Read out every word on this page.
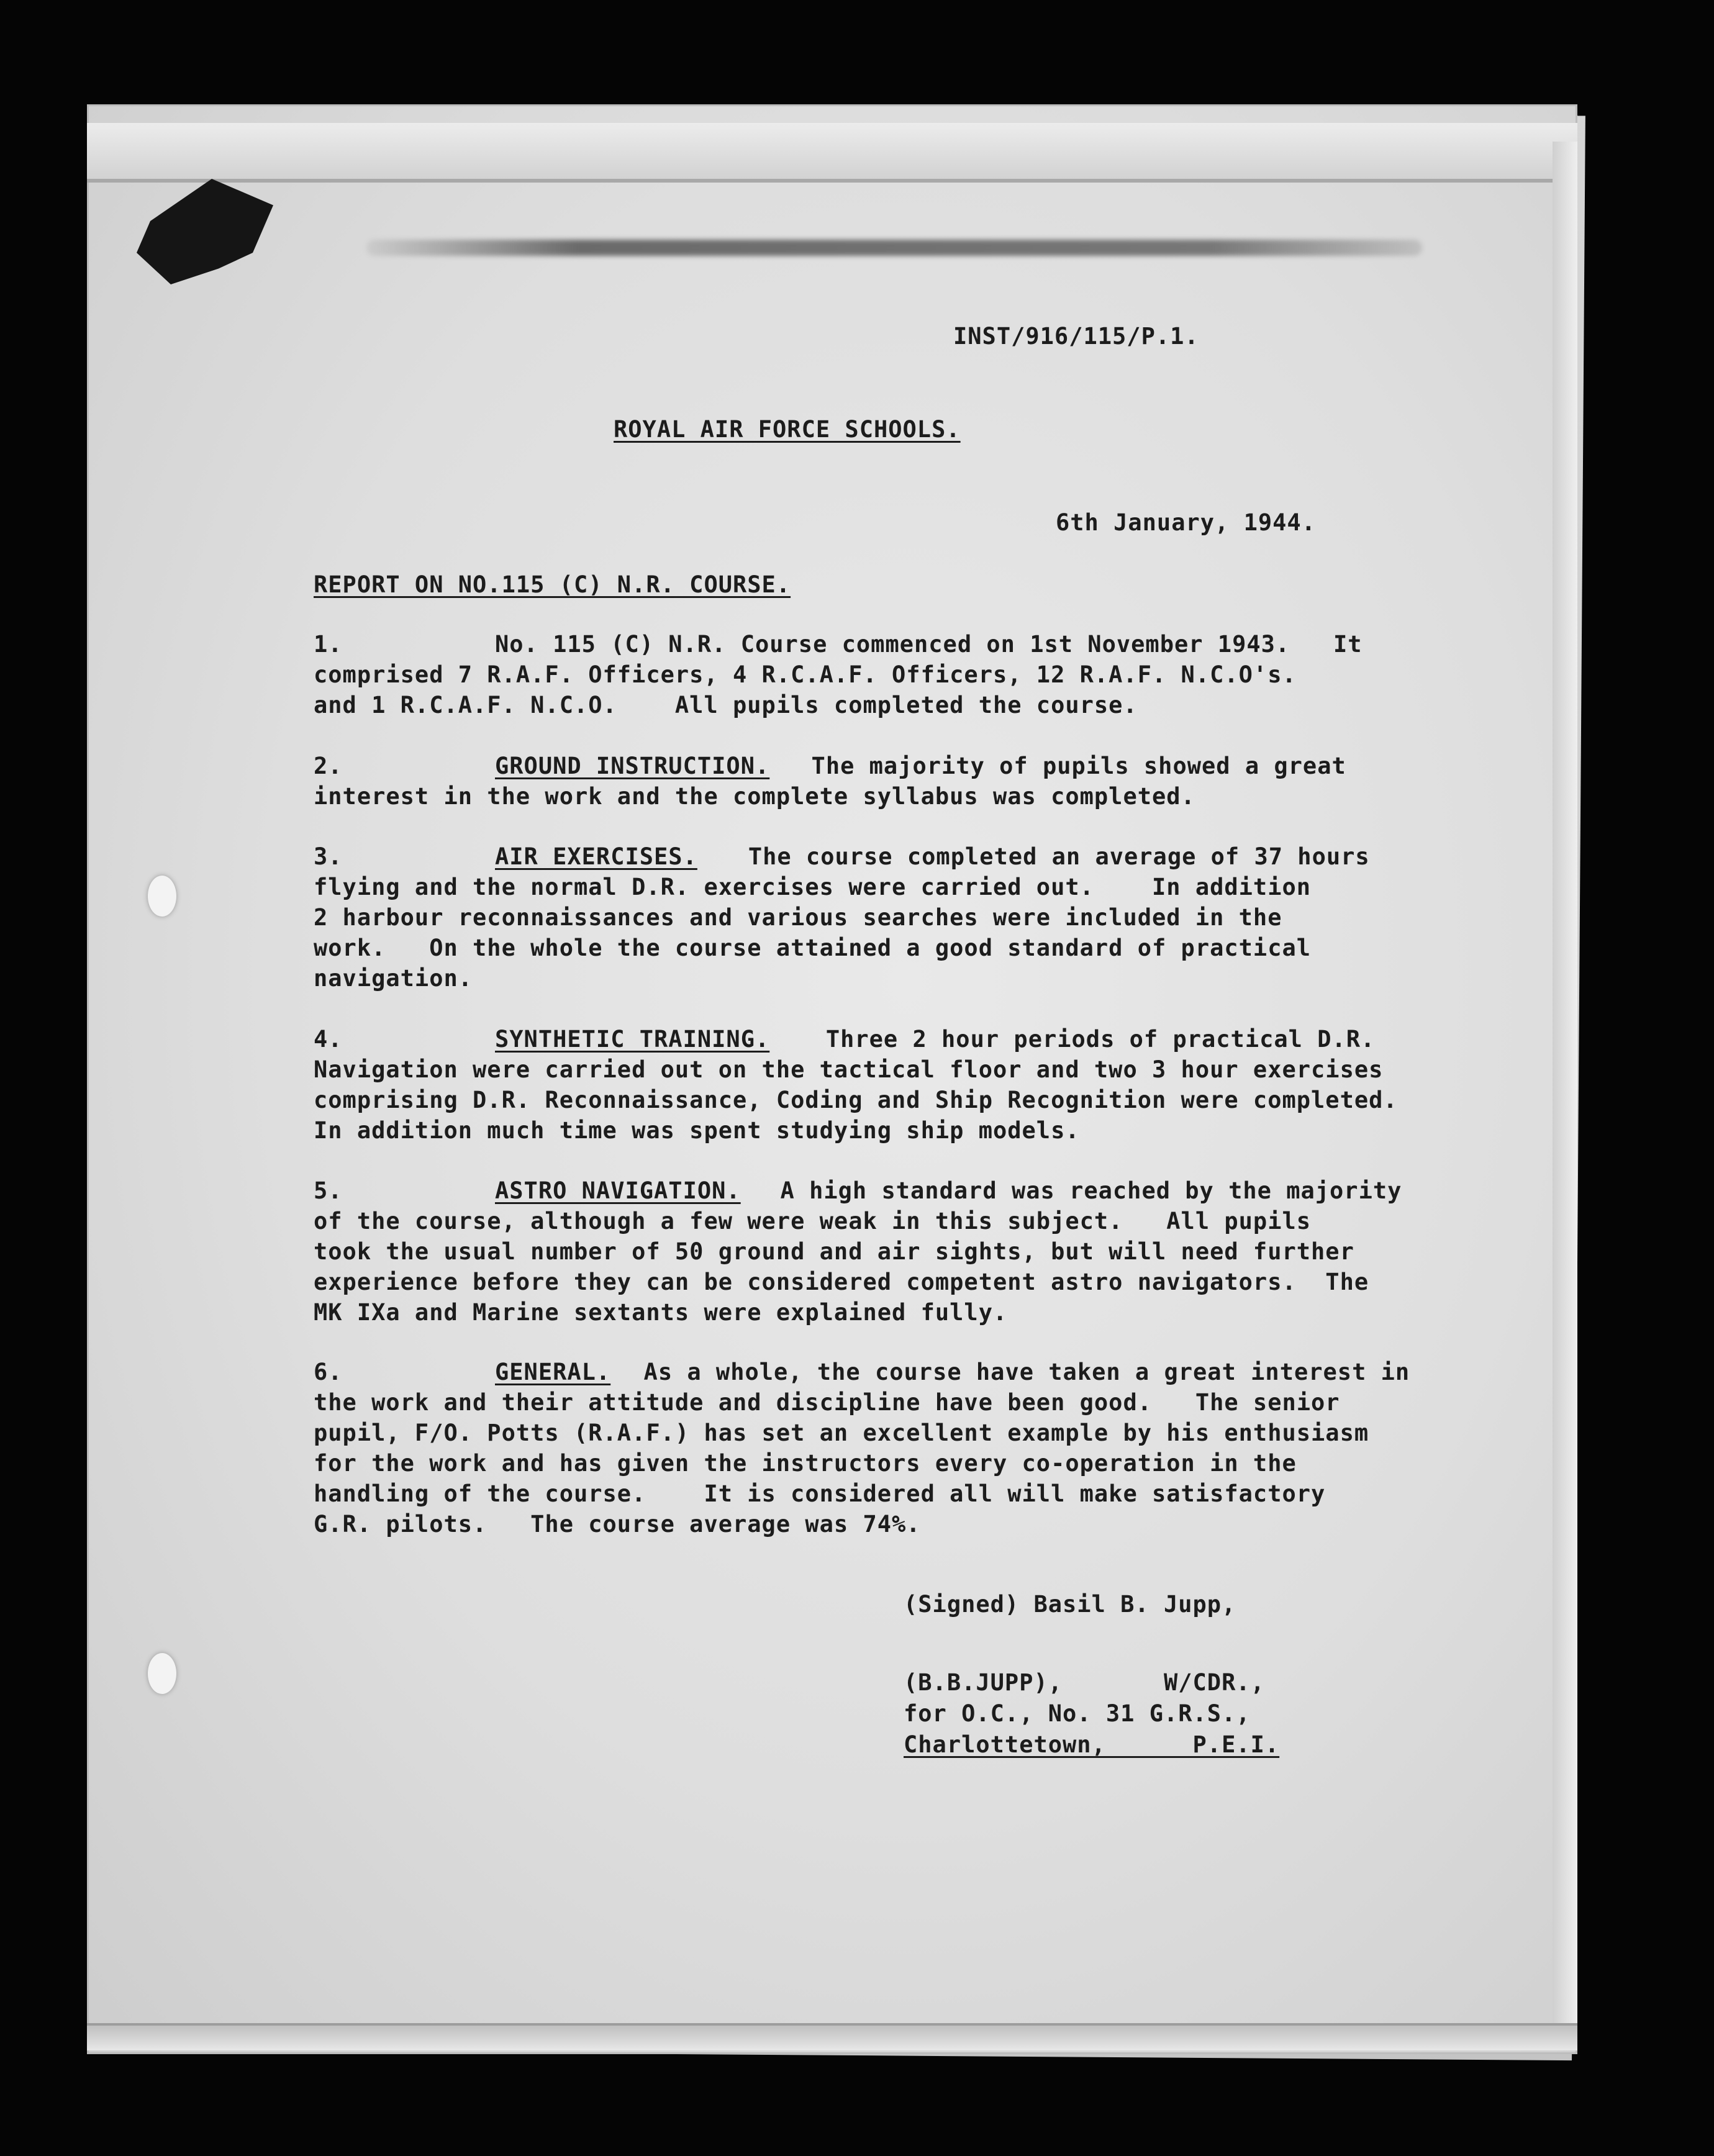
INST/916/115/P.1.
ROYAL AIR FORCE SCHOOLS.
6th January, 1944.
REPORT ON NO.115 (C) N.R. COURSE.
1.	No. 115 (C) N.R. Course commenced on 1st November 1943.   It
comprised 7 R.A.F. Officers, 4 R.C.A.F. Officers, 12 R.A.F. N.C.O's.
and 1 R.C.A.F. N.C.O.    All pupils completed the course.
2.	GROUND INSTRUCTION. The majority of pupils showed a great
interest in the work and the complete syllabus was completed.
3.	AIR EXERCISES. The course completed an average of 37 hours
flying and the normal D.R. exercises were carried out.    In addition
2 harbour reconnaissances and various searches were included in the
work.   On the whole the course attained a good standard of practical
navigation.
4.	SYNTHETIC TRAINING. Three 2 hour periods of practical D.R.
Navigation were carried out on the tactical floor and two 3 hour exercises
comprising D.R. Reconnaissance, Coding and Ship Recognition were completed.
In addition much time was spent studying ship models.
5.	ASTRO NAVIGATION. A high standard was reached by the majority
of the course, although a few were weak in this subject.   All pupils
took the usual number of 50 ground and air sights, but will need further
experience before they can be considered competent astro navigators.  The
MK IXa and Marine sextants were explained fully.
6.	GENERAL. As a whole, the course have taken a great interest in
the work and their attitude and discipline have been good.   The senior
pupil, F/O. Potts (R.A.F.) has set an excellent example by his enthusiasm
for the work and has given the instructors every co-operation in the
handling of the course.    It is considered all will make satisfactory
G.R. pilots.   The course average was 74%.
(Signed) Basil B. Jupp,
(B.B.JUPP),       W/CDR.,
for O.C., No. 31 G.R.S.,
Charlottetown,      P.E.I.
